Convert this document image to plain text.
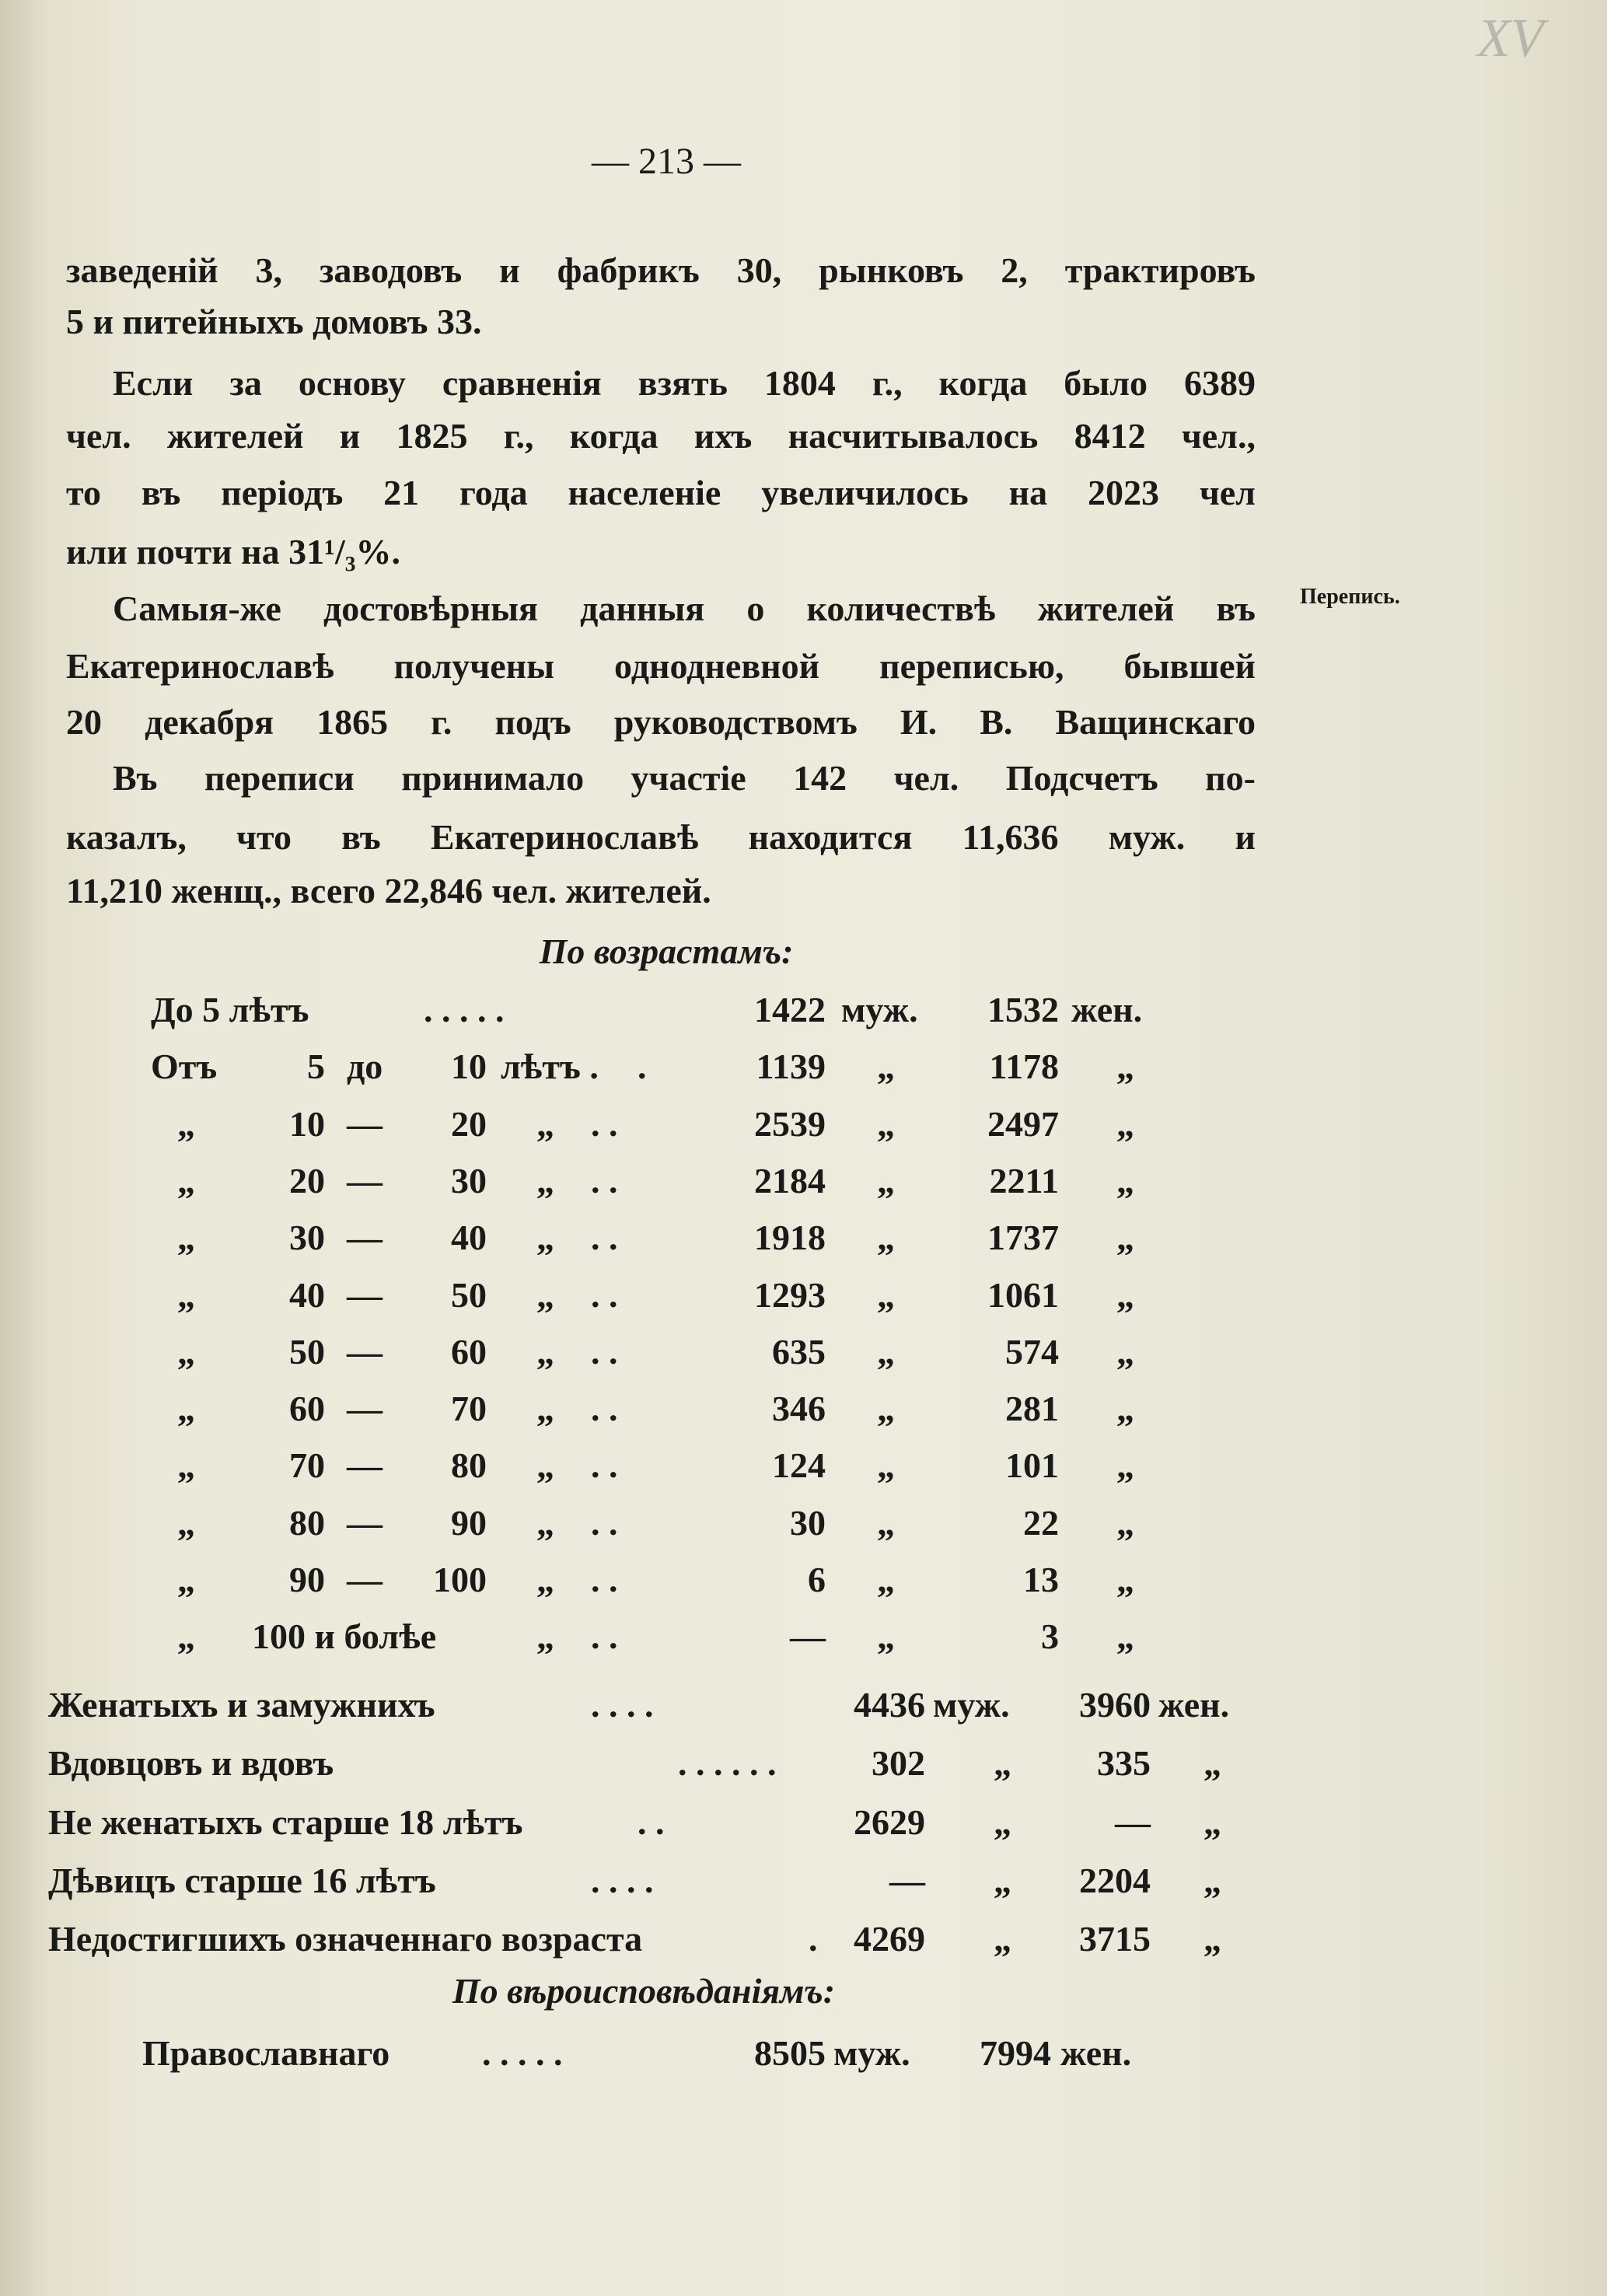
XV
— 213 —
Перепись.
заведеній 3, заводовъ и фабрикъ 30, рынковъ 2, трактировъ
5 и питейныхъ домовъ 33.
Если за основу сравненія взять 1804 г., когда было 6389
чел. жителей и 1825 г., когда ихъ насчитывалось 8412 чел.,
то въ періодъ 21 года населеніе увеличилось на 2023 чел
или почти на 31¹/₃%.
Самыя-же достовѣрныя данныя о количествѣ жителей въ
Екатеринославѣ получены однодневной переписью, бывшей
20 декабря 1865 г. подъ руководствомъ И. В. Ващинскаго
Въ переписи принимало участіе 142 чел. Подсчетъ по-
казалъ, что въ Екатеринославѣ находится 11,636 муж. и
11,210 женщ., всего 22,846 чел. жителей.
По возрастамъ:
До 5 лѣтъ	. . . . .	1422 муж.	1532 жен.
Отъ	5 до	10 лѣтъ . .	1139 „	1178 „
„	10 —	20 „ . .	2539 „	2497 „
„	20 —	30 „ . .	2184 „	2211 „
„	30 —	40 „ . .	1918 „	1737 „
„	40 —	50 „ . .	1293 „	1061 „
„	50 —	60 „ . .	635 „	574 „
„	60 —	70 „ . .	346 „	281 „
„	70 —	80 „ . .	124 „	101 „
„	80 —	90 „ . .	30 „	22 „
„	90 —	100 „ . .	6 „	13 „
„ 100 и болѣе	„ . .	— „	3 „
Женатыхъ и замужнихъ	. . . .	4436 муж.	3960 жен.
Вдовцовъ и вдовъ	. . . . . .	302 „	335 „
Не женатыхъ старше 18 лѣтъ	. .	2629 „	— „
Дѣвицъ старше 16 лѣтъ	. . . .	— „	2204 „
Недостигшихъ означеннаго возраста	.	4269 „	3715 „
По вѣроисповѣданіямъ:
Православнаго	. . . . .	8505 муж.	7994 жен.
